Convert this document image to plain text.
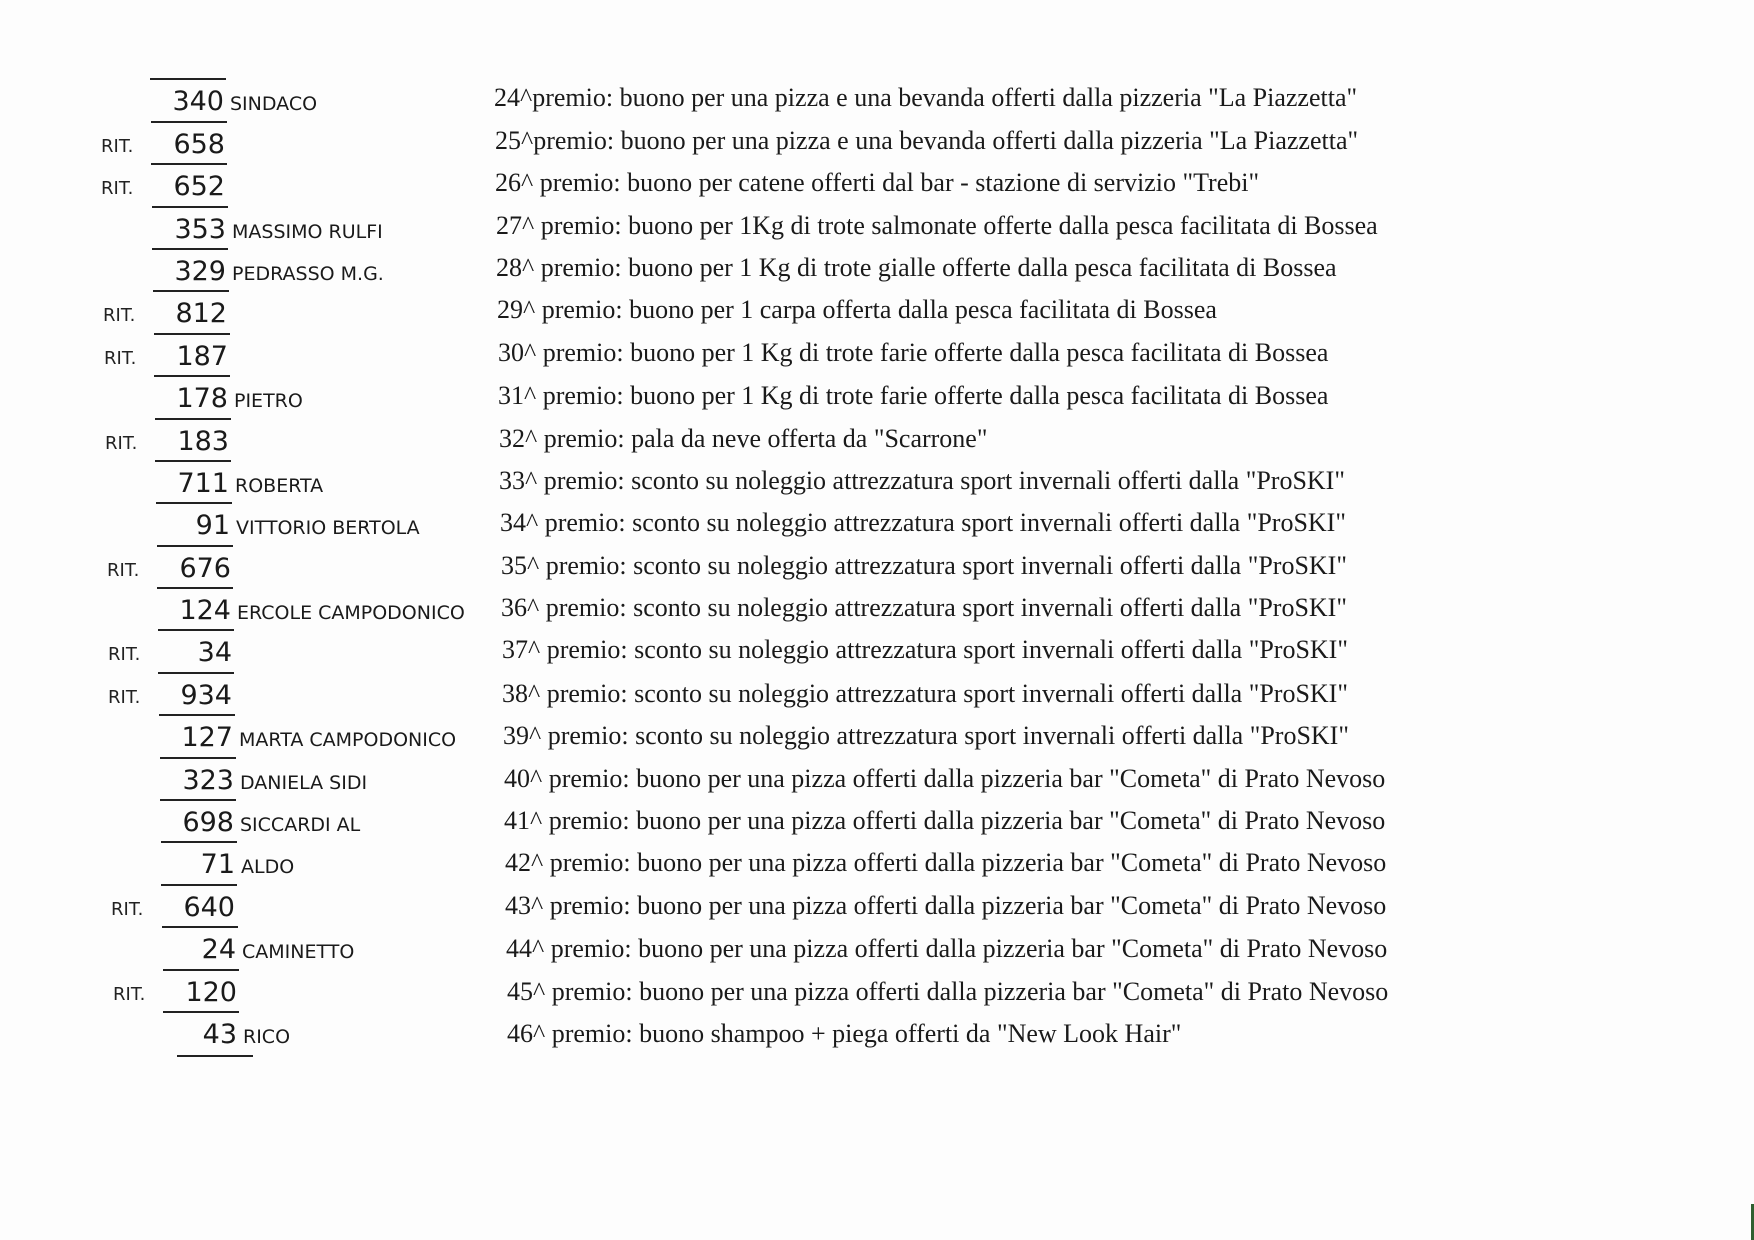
340 SINDACO	24^premio: buono per una pizza e una bevanda offerti dalla pizzeria "La Piazzetta"
RIT.	658	25^premio: buono per una pizza e una bevanda offerti dalla pizzeria "La Piazzetta"
RIT.	652	26^ premio: buono per catene offerti dal bar - stazione di servizio "Trebi"
353 MASSIMO RULFI	27^ premio: buono per 1Kg di trote salmonate offerte dalla pesca facilitata di Bossea
329 PEDRASSO M.G.	28^ premio: buono per 1 Kg di trote gialle offerte dalla pesca facilitata di Bossea
RIT.	812	29^ premio: buono per 1 carpa offerta dalla pesca facilitata di Bossea
RIT.	187	30^ premio: buono per 1 Kg di trote farie offerte dalla pesca facilitata di Bossea
178 PIETRO	31^ premio: buono per 1 Kg di trote farie offerte dalla pesca facilitata di Bossea
RIT.	183	32^ premio: pala da neve offerta da "Scarrone"
711 ROBERTA	33^ premio: sconto su noleggio attrezzatura sport invernali offerti dalla "ProSKI"
91 VITTORIO BERTOLA	34^ premio: sconto su noleggio attrezzatura sport invernali offerti dalla "ProSKI"
RIT.	676	35^ premio: sconto su noleggio attrezzatura sport invernali offerti dalla "ProSKI"
124 ERCOLE CAMPODONICO 36^ premio: sconto su noleggio attrezzatura sport invernali offerti dalla "ProSKI"
RIT.	34	37^ premio: sconto su noleggio attrezzatura sport invernali offerti dalla "ProSKI"
RIT.	934	38^ premio: sconto su noleggio attrezzatura sport invernali offerti dalla "ProSKI"
127 MARTA CAMPODONICO 39^ premio: sconto su noleggio attrezzatura sport invernali offerti dalla "ProSKI"
323 DANIELA SIDI	40^ premio: buono per una pizza offerti dalla pizzeria bar "Cometa" di Prato Nevoso
698 SICCARDI AL	41^ premio: buono per una pizza offerti dalla pizzeria bar "Cometa" di Prato Nevoso
71 ALDO	42^ premio: buono per una pizza offerti dalla pizzeria bar "Cometa" di Prato Nevoso
RIT.	640	43^ premio: buono per una pizza offerti dalla pizzeria bar "Cometa" di Prato Nevoso
24 CAMINETTO	44^ premio: buono per una pizza offerti dalla pizzeria bar "Cometa" di Prato Nevoso
RIT.	120	45^ premio: buono per una pizza offerti dalla pizzeria bar "Cometa" di Prato Nevoso
43 RICO	46^ premio: buono shampoo + piega offerti da "New Look Hair"
